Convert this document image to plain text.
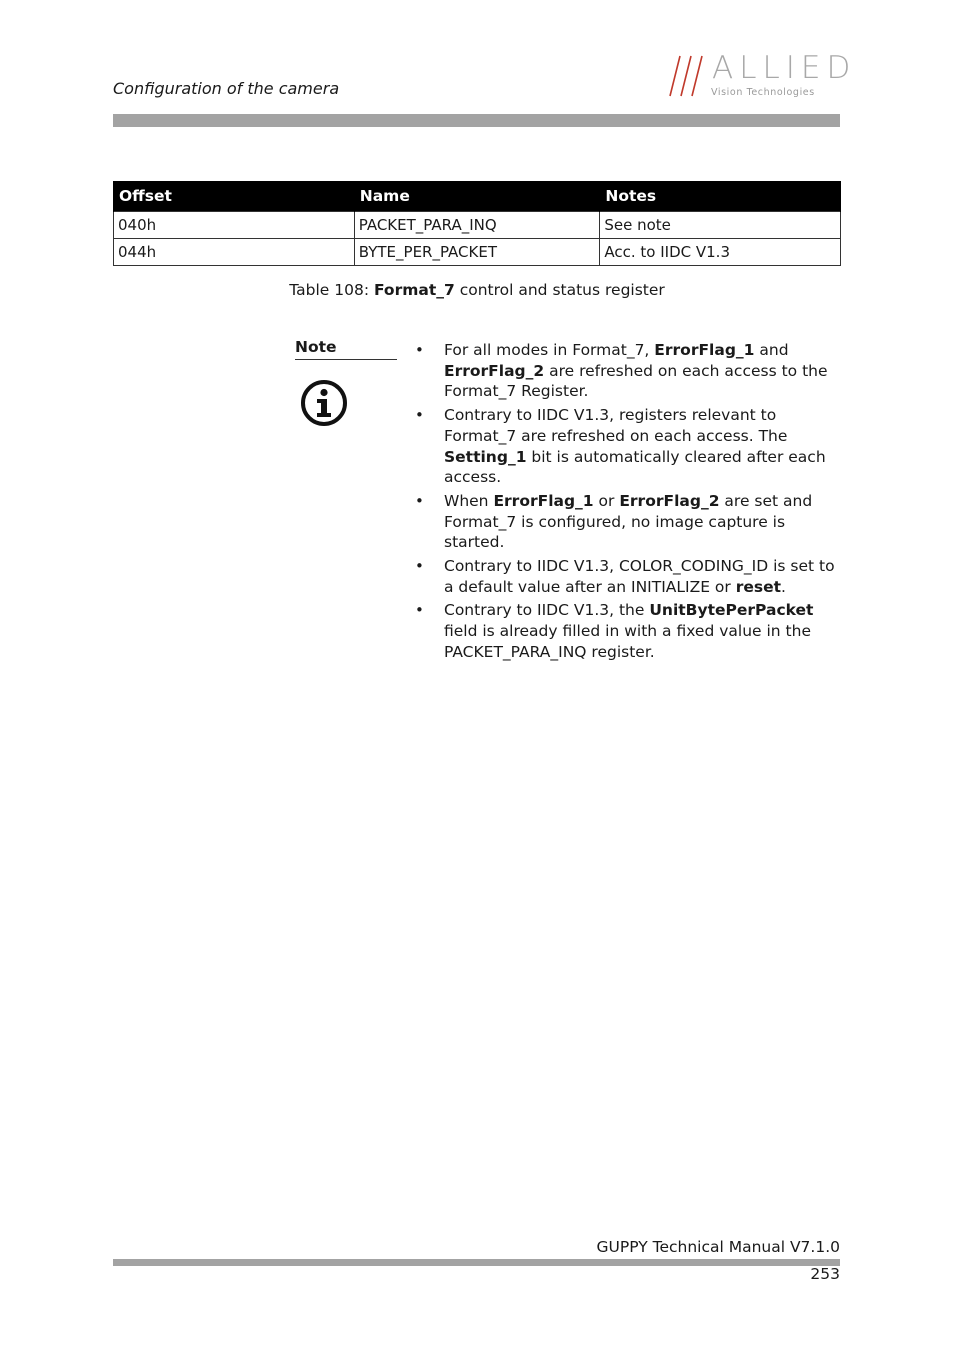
Configuration of the camera
ALLIED
Vision Technologies
Offset	Name	Notes
040h	PACKET_PARA_INQ	See note
044h	BYTE_PER_PACKET	Acc. to IIDC V1.3
Table 108: Format_7 control and status register
Note	• For all modes in Format_7, ErrorFlag_1 and ErrorFlag_2 are refreshed on each access to the Format_7 Register.
• Contrary to IIDC V1.3, registers relevant to Format_7 are refreshed on each access. The Setting_1 bit is automatically cleared after each access.
• When ErrorFlag_1 or ErrorFlag_2 are set and Format_7 is configured, no image capture is started.
• Contrary to IIDC V1.3, COLOR_CODING_ID is set to a default value after an INITIALIZE or reset.
• Contrary to IIDC V1.3, the UnitBytePerPacket field is already filled in with a fixed value in the PACKET_PARA_INQ register.
GUPPY Technical Manual V7.1.0
253
